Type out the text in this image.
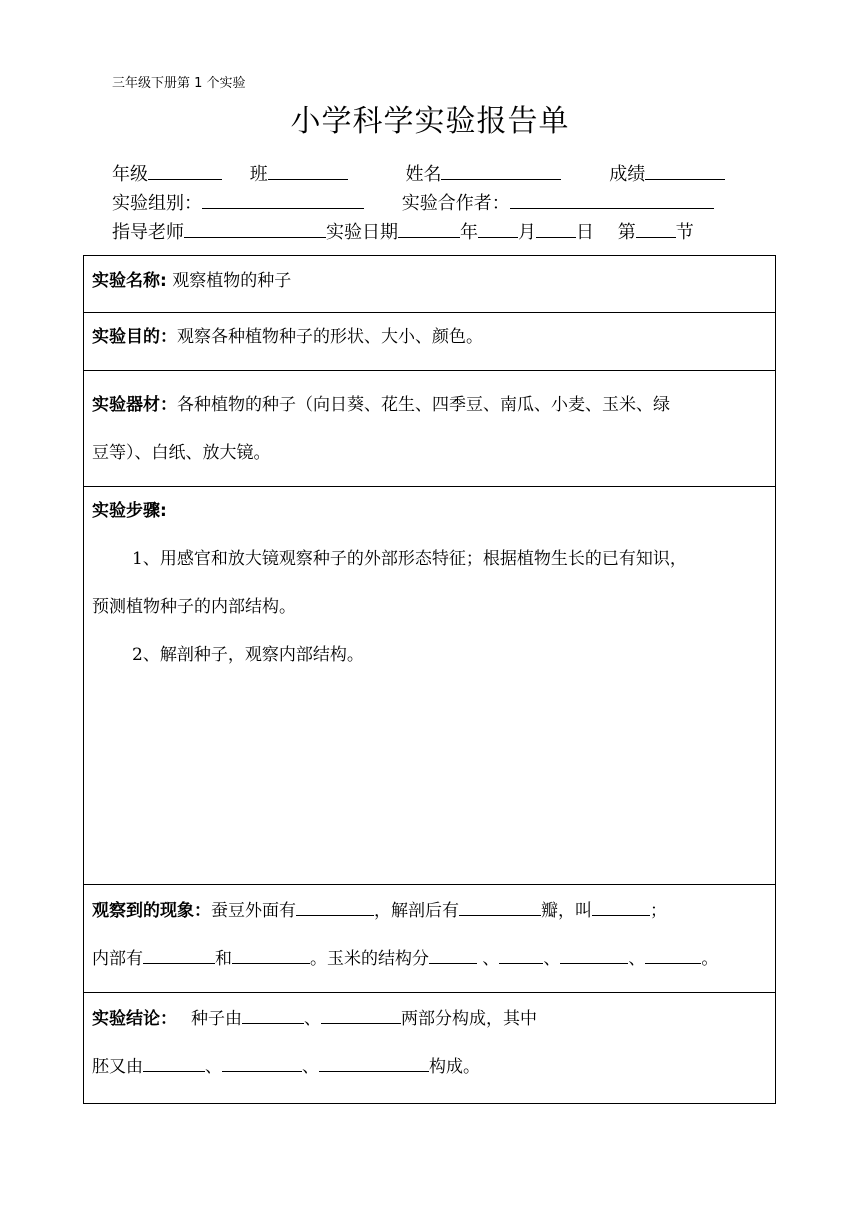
三年级下册第 1 个实验
小学科学实验报告单
年级	班	姓名	成绩
实验组别：	实验合作者：
指导老师	实验日期	年 月 日 第 节
实验名称: 观察植物的种子
实验目的：观察各种植物种子的形状、大小、颜色。
实验器材：各种植物的种子（向日葵、花生、四季豆、南瓜、小麦、玉米、绿
豆等）、白纸、放大镜。
实验步骤:
1、用感官和放大镜观察种子的外部形态特征；根据植物生长的已有知识，
预测植物种子的内部结构。
2、解剖种子，观察内部结构。
观察到的现象：蚕豆外面有	，解剖后有	瓣，叫	；
内部有	和	。玉米的结构分	、	、	、	。
实验结论： 种子由	、	两部分构成，其中
胚又由	、	、	构成。
